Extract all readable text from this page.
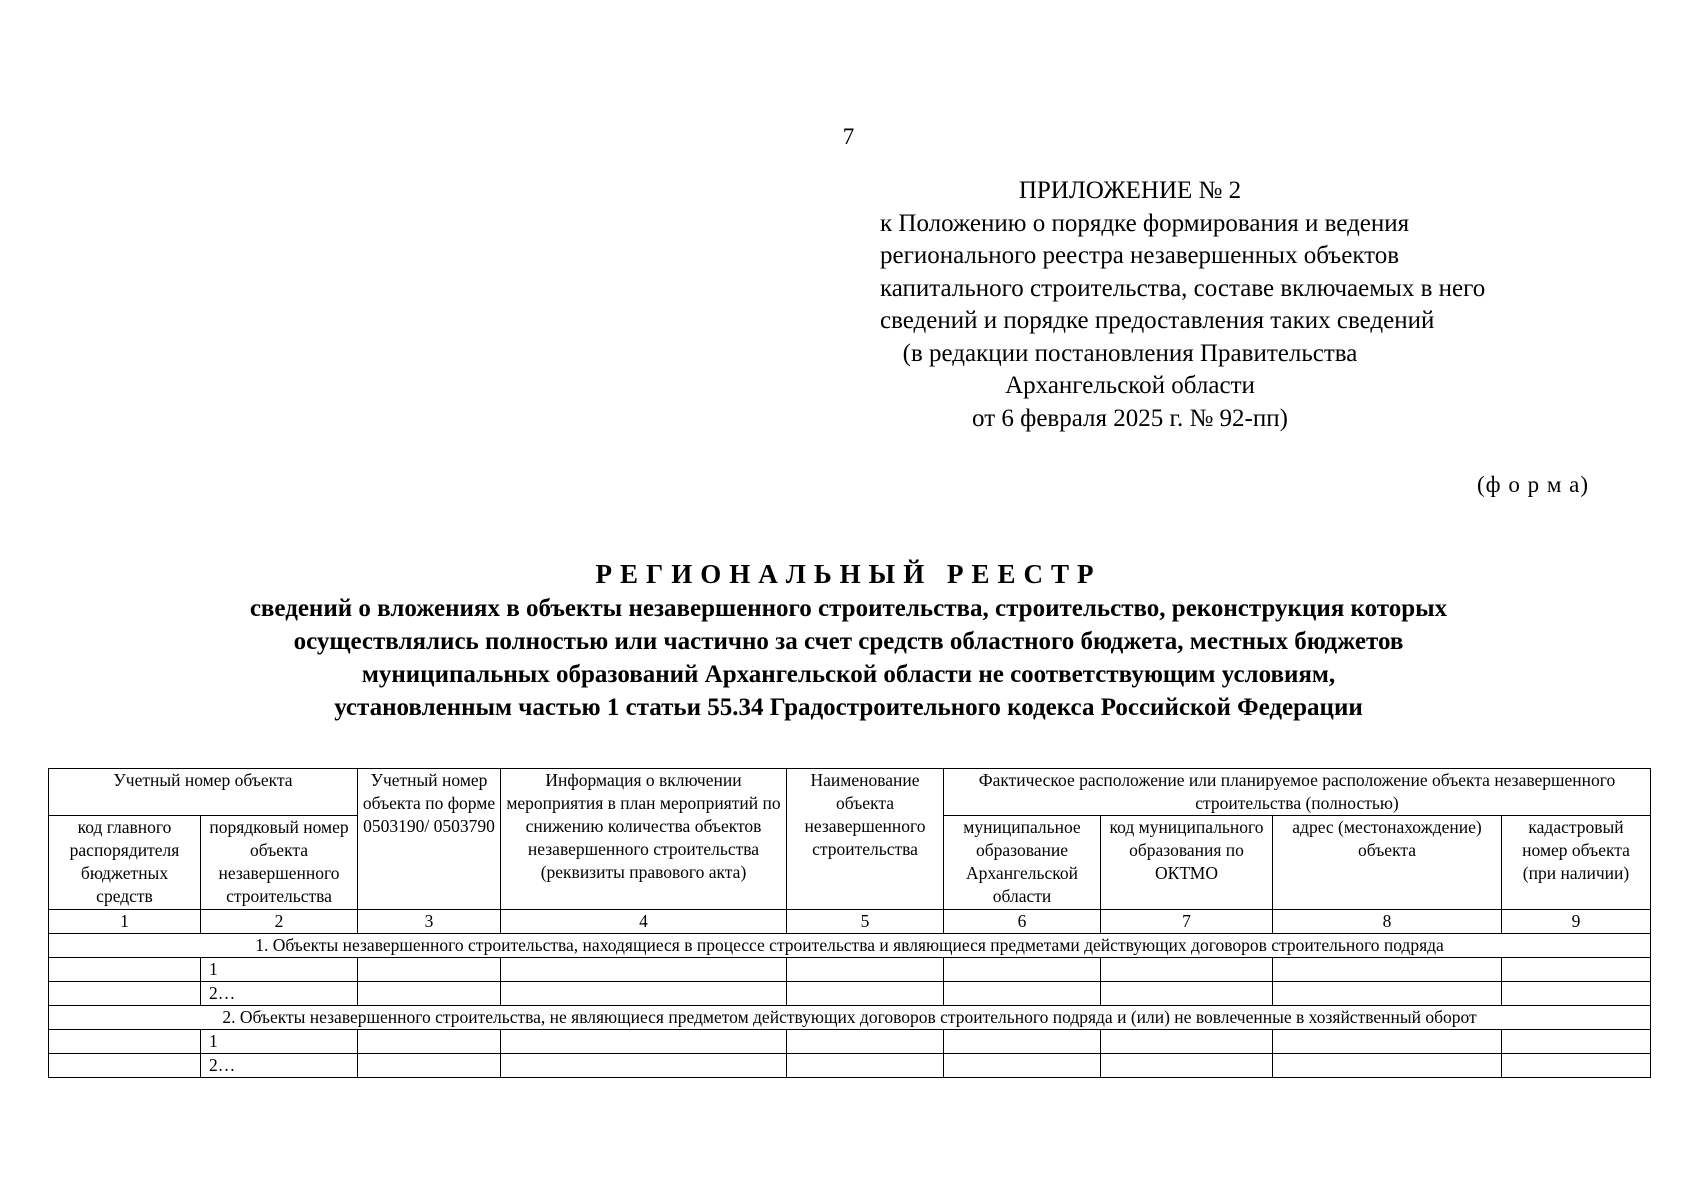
7
ПРИЛОЖЕНИЕ № 2
к Положению о порядке формирования и ведения
регионального реестра незавершенных объектов
капитального строительства, составе включаемых в него
сведений и порядке предоставления таких сведений
(в редакции постановления Правительства
Архангельской области
от 6 февраля 2025 г. № 92-пп)
(ф о р м а)
РЕГИОНАЛЬНЫЙ РЕЕСТР
сведений о вложениях в объекты незавершенного строительства, строительство, реконструкция которых
осуществлялись полностью или частично за счет средств областного бюджета, местных бюджетов
муниципальных образований Архангельской области не соответствующим условиям,
установленным частью 1 статьи 55.34 Градостроительного кодекса Российской Федерации
Учетный номер объекта		Учетный номер объекта по форме 0503190/ 0503790	Информация о включении мероприятия в план мероприятий по снижению количества объектов незавершенного строительства (реквизиты правового акта)	Наименование объекта незавершенного строительства	Фактическое расположение или планируемое расположение объекта незавершенного строительства (полностью)			
код главного распорядителя бюджетных средств	порядковый номер объекта незавершенного строительства				муниципальное образование Архангельской области	код муниципального образования по ОКТМО	адрес (местонахождение) объекта	кадастровый номер объекта (при наличии)
1	2	3	4	5	6	7	8	9
1. Объекты незавершенного строительства, находящиеся в процессе строительства и являющиеся предметами действующих договоров строительного подряда								
	1							
	2…							
2. Объекты незавершенного строительства, не являющиеся предметом действующих договоров строительного подряда и (или) не вовлеченные в хозяйственный оборот								
	1							
	2…							
